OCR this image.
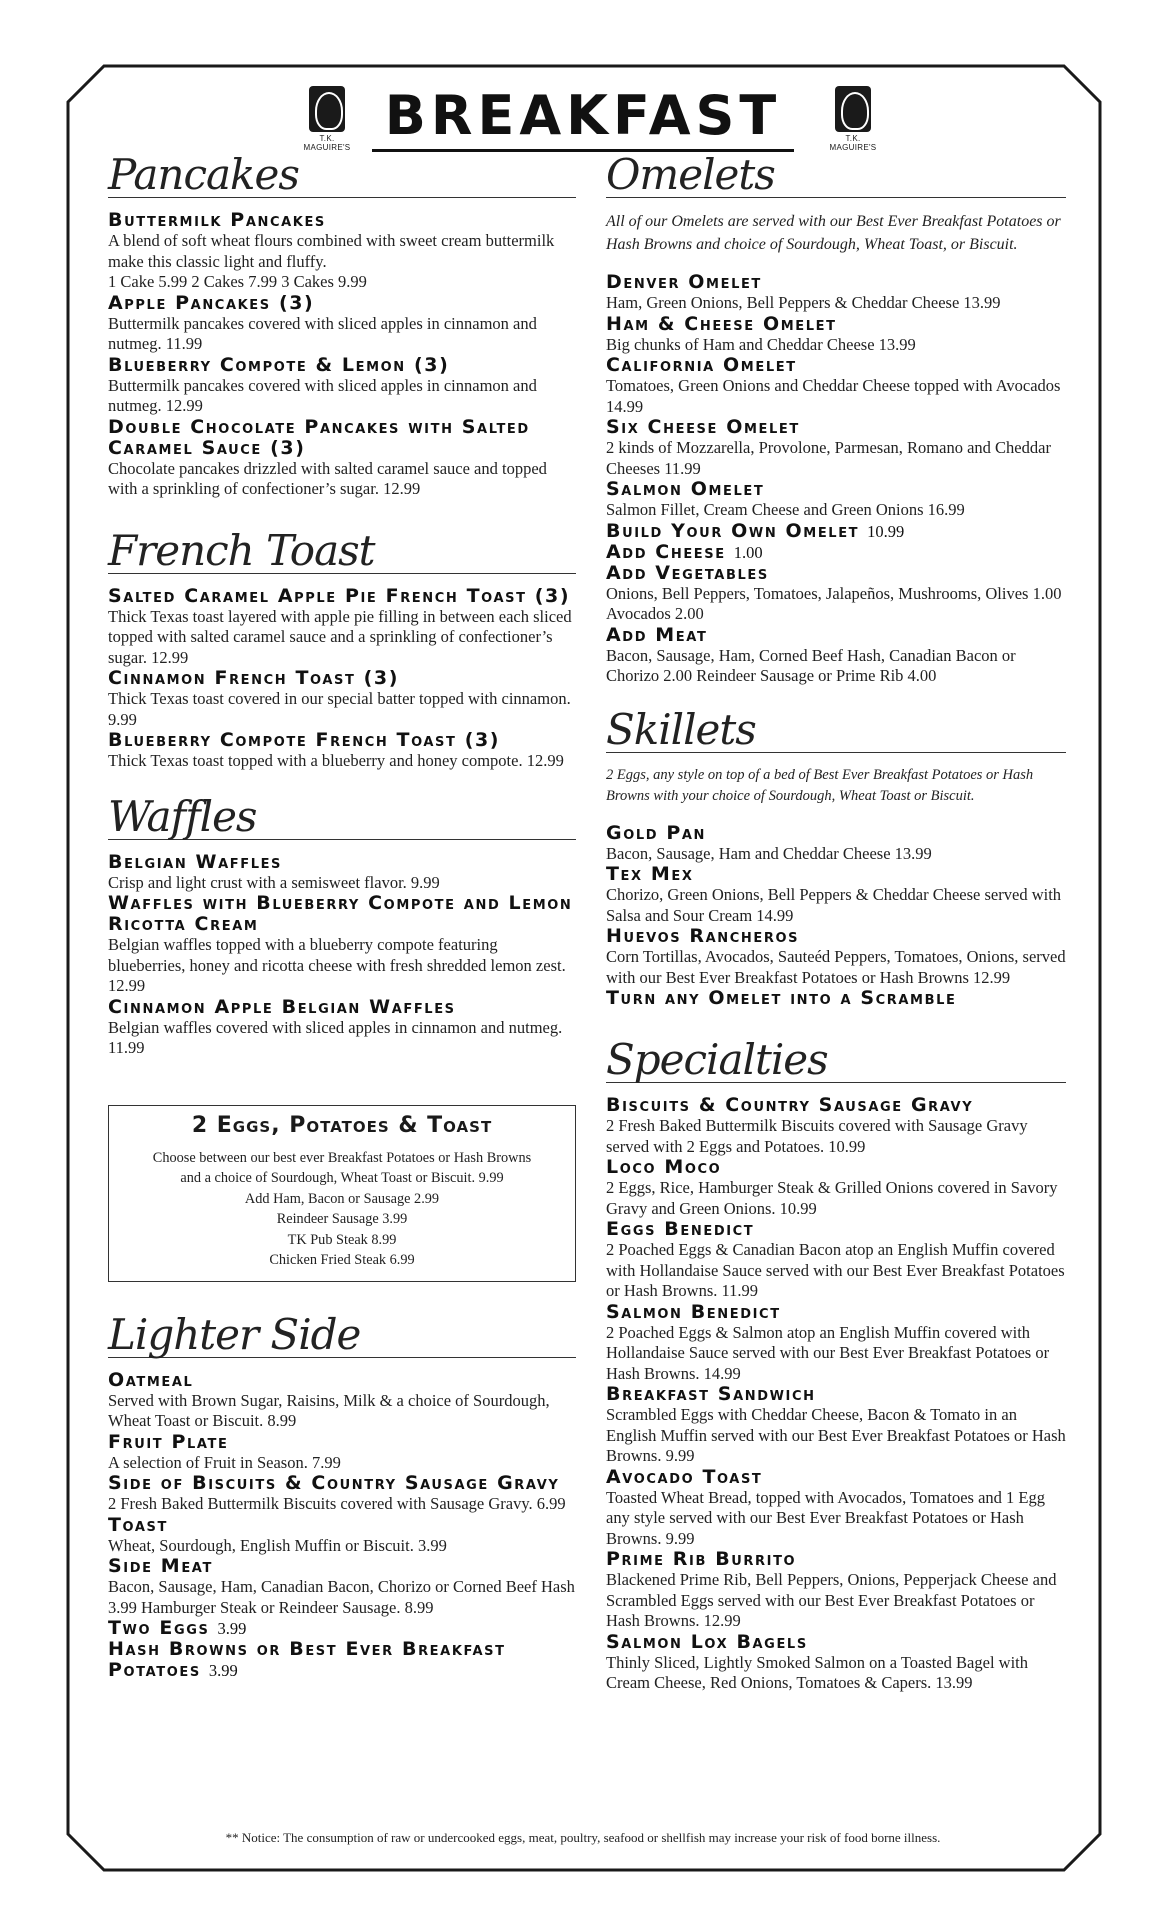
T.K. MAGUIRE'S
BREAKFAST	T.K. MAGUIRE'S
Pancakes
Buttermilk Pancakes
A blend of soft wheat flours combined with sweet cream buttermilk make this classic light and fluffy.
1 Cake 5.99 2 Cakes 7.99 3 Cakes 9.99
Apple Pancakes (3)
Buttermilk pancakes covered with sliced apples in cinnamon and nutmeg. 11.99
Blueberry Compote & Lemon (3)
Buttermilk pancakes covered with sliced apples in cinnamon and nutmeg. 12.99
Double Chocolate Pancakes with Salted Caramel Sauce (3)
Chocolate pancakes drizzled with salted caramel sauce and topped with a sprinkling of confectioner’s sugar. 12.99
French Toast
Salted Caramel Apple Pie French Toast (3)
Thick Texas toast layered with apple pie filling in between each sliced topped with salted caramel sauce and a sprinkling of confectioner’s sugar. 12.99
Cinnamon French Toast (3)
Thick Texas toast covered in our special batter topped with cinnamon. 9.99
Blueberry Compote French Toast (3)
Thick Texas toast topped with a blueberry and honey compote. 12.99
Waffles
Belgian Waffles
Crisp and light crust with a semisweet flavor. 9.99
Waffles with Blueberry Compote and Lemon Ricotta Cream
Belgian waffles topped with a blueberry compote featuring blueberries, honey and ricotta cheese with fresh shredded lemon zest. 12.99
Cinnamon Apple Belgian Waffles
Belgian waffles covered with sliced apples in cinnamon and nutmeg. 11.99
2 Eggs, Potatoes & Toast
Choose between our best ever Breakfast Potatoes or Hash Browns
and a choice of Sourdough, Wheat Toast or Biscuit. 9.99
Add Ham, Bacon or Sausage 2.99
Reindeer Sausage 3.99
TK Pub Steak 8.99
Chicken Fried Steak 6.99
Lighter Side
Oatmeal
Served with Brown Sugar, Raisins, Milk & a choice of Sourdough, Wheat Toast or Biscuit. 8.99
Fruit Plate
A selection of Fruit in Season. 7.99
Side of Biscuits & Country Sausage Gravy
2 Fresh Baked Buttermilk Biscuits covered with Sausage Gravy. 6.99
Toast
Wheat, Sourdough, English Muffin or Biscuit. 3.99
Side Meat
Bacon, Sausage, Ham, Canadian Bacon, Chorizo or Corned Beef Hash 3.99 Hamburger Steak or Reindeer Sausage. 8.99
Two Eggs 3.99
Hash Browns or Best Ever Breakfast Potatoes 3.99
Omelets
All of our Omelets are served with our Best Ever Breakfast Potatoes or Hash Browns and choice of Sourdough, Wheat Toast, or Biscuit.
Denver Omelet
Ham, Green Onions, Bell Peppers & Cheddar Cheese 13.99
Ham & Cheese Omelet
Big chunks of Ham and Cheddar Cheese 13.99
California Omelet
Tomatoes, Green Onions and Cheddar Cheese topped with Avocados 14.99
Six Cheese Omelet
2 kinds of Mozzarella, Provolone, Parmesan, Romano and Cheddar Cheeses 11.99
Salmon Omelet
Salmon Fillet, Cream Cheese and Green Onions 16.99
Build Your Own Omelet 10.99
Add Cheese 1.00
Add Vegetables
Onions, Bell Peppers, Tomatoes, Jalapeños, Mushrooms, Olives 1.00 Avocados 2.00
Add Meat
Bacon, Sausage, Ham, Corned Beef Hash, Canadian Bacon or Chorizo 2.00 Reindeer Sausage or Prime Rib 4.00
Skillets
2 Eggs, any style on top of a bed of Best Ever Breakfast Potatoes or Hash Browns with your choice of Sourdough, Wheat Toast or Biscuit.
Gold Pan
Bacon, Sausage, Ham and Cheddar Cheese 13.99
Tex Mex
Chorizo, Green Onions, Bell Peppers & Cheddar Cheese served with Salsa and Sour Cream 14.99
Huevos Rancheros
Corn Tortillas, Avocados, Sauteéd Peppers, Tomatoes, Onions, served with our Best Ever Breakfast Potatoes or Hash Browns 12.99
Turn any Omelet into a Scramble
Specialties
Biscuits & Country Sausage Gravy
2 Fresh Baked Buttermilk Biscuits covered with Sausage Gravy served with 2 Eggs and Potatoes. 10.99
Loco Moco
2 Eggs, Rice, Hamburger Steak & Grilled Onions covered in Savory Gravy and Green Onions. 10.99
Eggs Benedict
2 Poached Eggs & Canadian Bacon atop an English Muffin covered with Hollandaise Sauce served with our Best Ever Breakfast Potatoes or Hash Browns. 11.99
Salmon Benedict
2 Poached Eggs & Salmon atop an English Muffin covered with Hollandaise Sauce served with our Best Ever Breakfast Potatoes or Hash Browns. 14.99
Breakfast Sandwich
Scrambled Eggs with Cheddar Cheese, Bacon & Tomato in an English Muffin served with our Best Ever Breakfast Potatoes or Hash Browns. 9.99
Avocado Toast
Toasted Wheat Bread, topped with Avocados, Tomatoes and 1 Egg any style served with our Best Ever Breakfast Potatoes or Hash Browns. 9.99
Prime Rib Burrito
Blackened Prime Rib, Bell Peppers, Onions, Pepperjack Cheese and Scrambled Eggs served with our Best Ever Breakfast Potatoes or Hash Browns. 12.99
Salmon Lox Bagels
Thinly Sliced, Lightly Smoked Salmon on a Toasted Bagel with Cream Cheese, Red Onions, Tomatoes & Capers. 13.99
** Notice: The consumption of raw or undercooked eggs, meat, poultry, seafood or shellfish may increase your risk of food borne illness.
